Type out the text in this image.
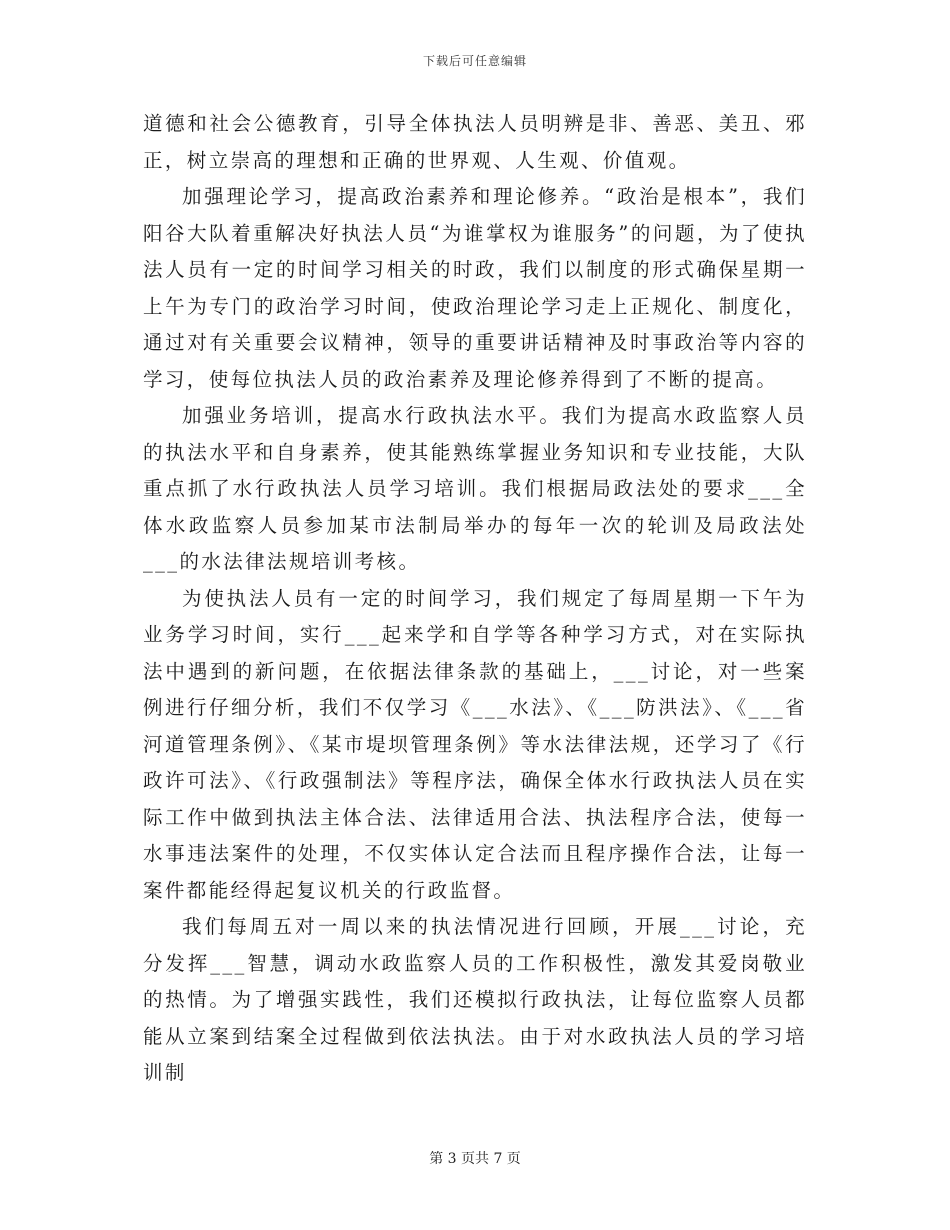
下载后可任意编辑

道德和社会公德教育，引导全体执法人员明辨是非、善恶、美丑、邪正，树立崇高的理想和正确的世界观、人生观、价值观。

加强理论学习，提高政治素养和理论修养。“政治是根本”，我们阳谷大队着重解决好执法人员“为谁掌权为谁服务”的问题，为了使执法人员有一定的时间学习相关的时政，我们以制度的形式确保星期一上午为专门的政治学习时间，使政治理论学习走上正规化、制度化，通过对有关重要会议精神，领导的重要讲话精神及时事政治等内容的学习，使每位执法人员的政治素养及理论修养得到了不断的提高。

加强业务培训，提高水行政执法水平。我们为提高水政监察人员的执法水平和自身素养，使其能熟练掌握业务知识和专业技能，大队重点抓了水行政执法人员学习培训。我们根据局政法处的要求___全体水政监察人员参加某市法制局举办的每年一次的轮训及局政法处___的水法律法规培训考核。

为使执法人员有一定的时间学习，我们规定了每周星期一下午为业务学习时间，实行___起来学和自学等各种学习方式，对在实际执法中遇到的新问题，在依据法律条款的基础上，___讨论，对一些案例进行仔细分析，我们不仅学习《___水法》、《___防洪法》、《___省河道管理条例》、《某市堤坝管理条例》等水法律法规，还学习了《行政许可法》、《行政强制法》等程序法，确保全体水行政执法人员在实际工作中做到执法主体合法、法律适用合法、执法程序合法，使每一水事违法案件的处理，不仅实体认定合法而且程序操作合法，让每一案件都能经得起复议机关的行政监督。

我们每周五对一周以来的执法情况进行回顾，开展___讨论，充分发挥___智慧，调动水政监察人员的工作积极性，激发其爱岗敬业的热情。为了增强实践性，我们还模拟行政执法，让每位监察人员都能从立案到结案全过程做到依法执法。由于对水政执法人员的学习培训制

第 3 页共 7 页
